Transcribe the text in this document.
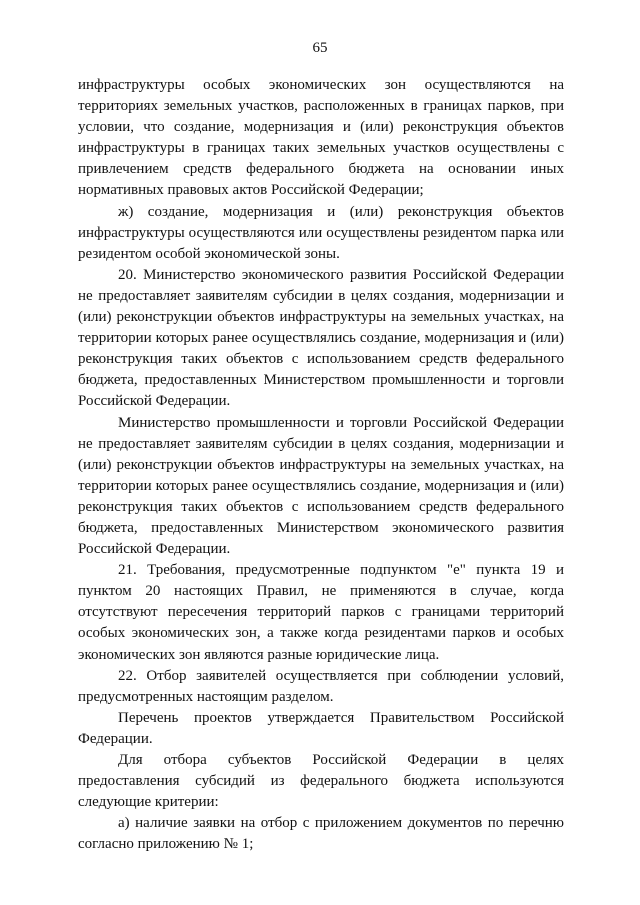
65

инфраструктуры особых экономических зон осуществляются на территориях земельных участков, расположенных в границах парков, при условии, что создание, модернизация и (или) реконструкция объектов инфраструктуры в границах таких земельных участков осуществлены с привлечением средств федерального бюджета на основании иных нормативных правовых актов Российской Федерации;

ж) создание, модернизация и (или) реконструкция объектов инфраструктуры осуществляются или осуществлены резидентом парка или резидентом особой экономической зоны.

20. Министерство экономического развития Российской Федерации не предоставляет заявителям субсидии в целях создания, модернизации и (или) реконструкции объектов инфраструктуры на земельных участках, на территории которых ранее осуществлялись создание, модернизация и (или) реконструкция таких объектов с использованием средств федерального бюджета, предоставленных Министерством промышленности и торговли Российской Федерации.

Министерство промышленности и торговли Российской Федерации не предоставляет заявителям субсидии в целях создания, модернизации и (или) реконструкции объектов инфраструктуры на земельных участках, на территории которых ранее осуществлялись создание, модернизация и (или) реконструкция таких объектов с использованием средств федерального бюджета, предоставленных Министерством экономического развития Российской Федерации.

21. Требования, предусмотренные подпунктом "е" пункта 19 и пунктом 20 настоящих Правил, не применяются в случае, когда отсутствуют пересечения территорий парков с границами территорий особых экономических зон, а также когда резидентами парков и особых экономических зон являются разные юридические лица.

22. Отбор заявителей осуществляется при соблюдении условий, предусмотренных настоящим разделом.

Перечень проектов утверждается Правительством Российской Федерации.

Для отбора субъектов Российской Федерации в целях предоставления субсидий из федерального бюджета используются следующие критерии:

а) наличие заявки на отбор с приложением документов по перечню согласно приложению № 1;
